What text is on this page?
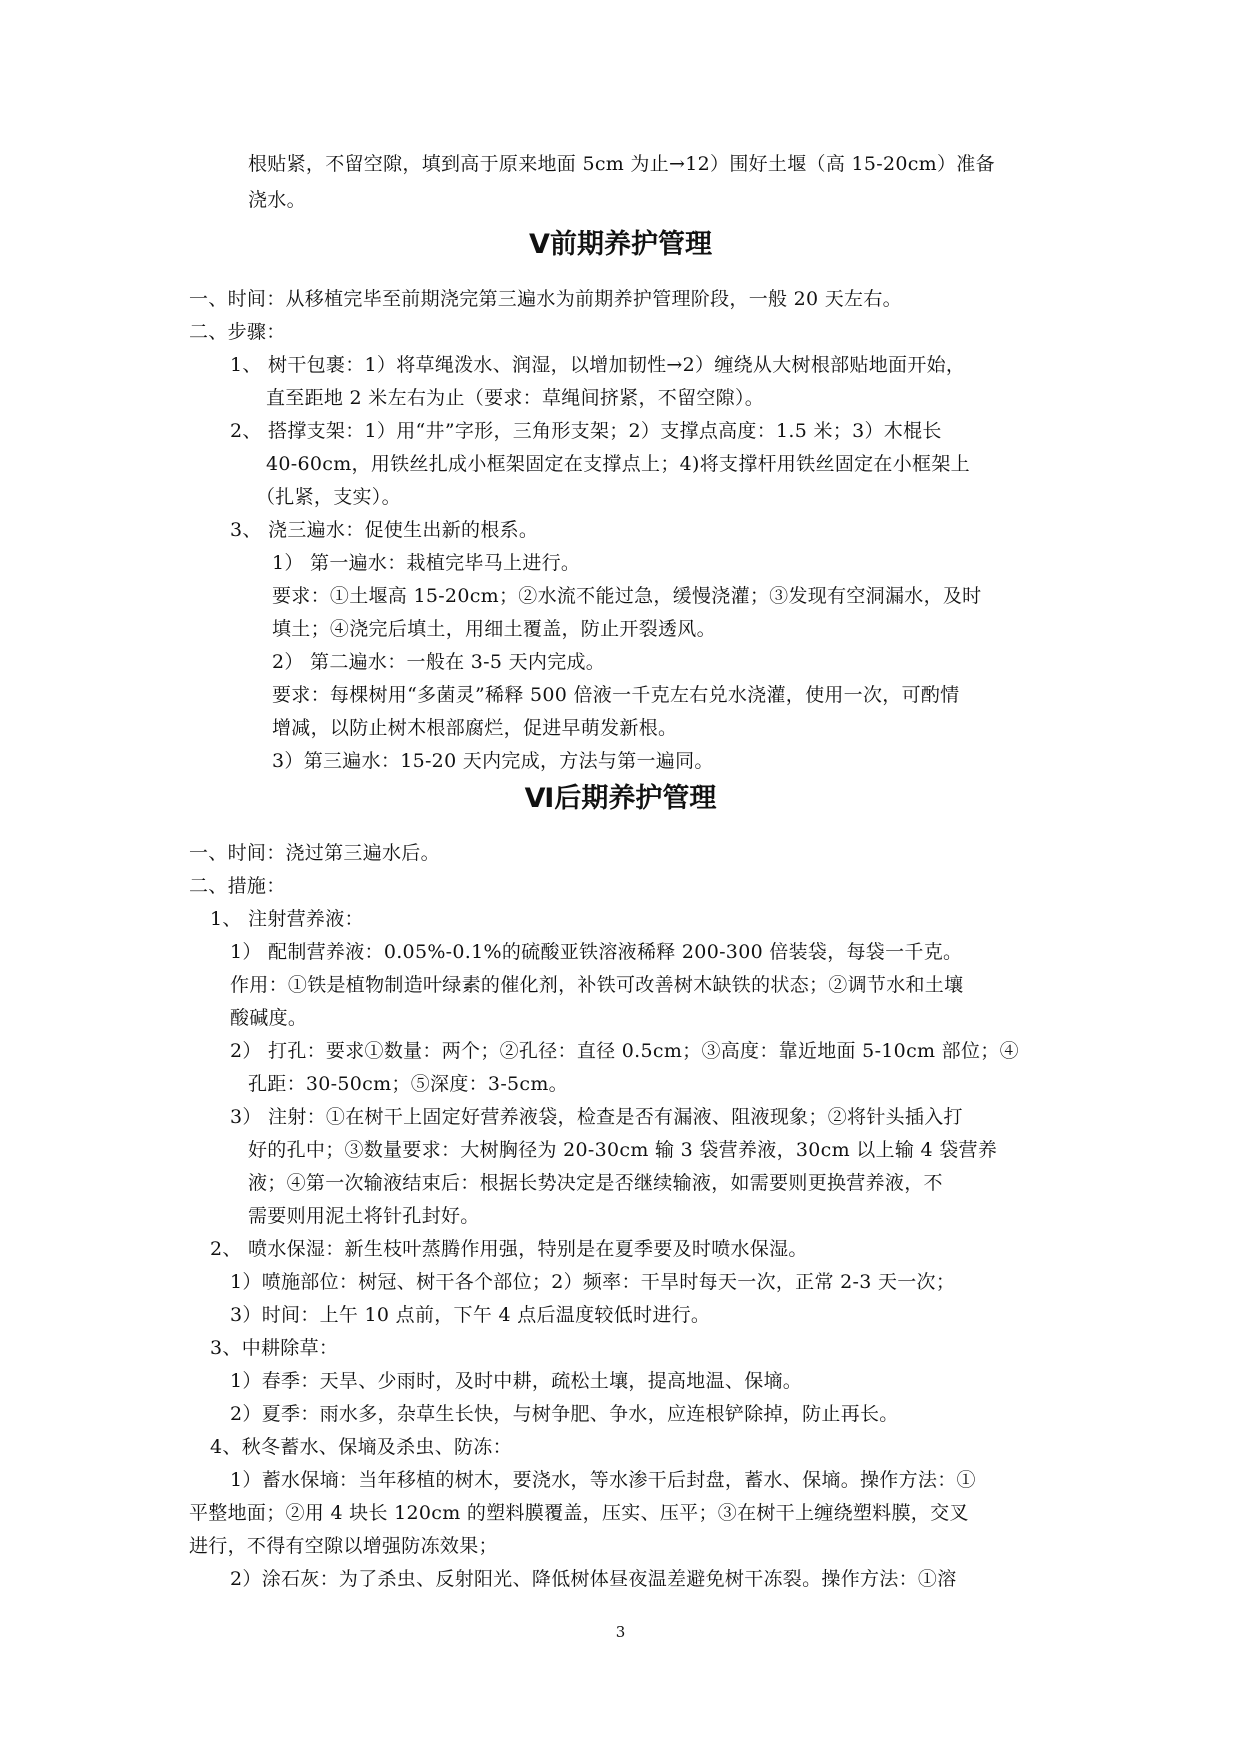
根贴紧，不留空隙，填到高于原来地面 5cm 为止→12）围好土堰（高 15-20cm）准备
浇水。
Ⅴ前期养护管理
一、时间：从移植完毕至前期浇完第三遍水为前期养护管理阶段，一般 20 天左右。
二、步骤：
1、 树干包裹：1）将草绳泼水、润湿，以增加韧性→2）缠绕从大树根部贴地面开始，
直至距地 2 米左右为止（要求：草绳间挤紧，不留空隙）。
2、 搭撑支架：1）用“井”字形，三角形支架；2）支撑点高度：1.5 米；3）木棍长
40-60cm，用铁丝扎成小框架固定在支撑点上；4)将支撑杆用铁丝固定在小框架上
（扎紧，支实）。
3、 浇三遍水：促使生出新的根系。
1） 第一遍水：栽植完毕马上进行。
要求：①土堰高 15-20cm；②水流不能过急，缓慢浇灌；③发现有空洞漏水，及时
填土；④浇完后填土，用细土覆盖，防止开裂透风。
2） 第二遍水：一般在 3-5 天内完成。
要求：每棵树用“多菌灵”稀释 500 倍液一千克左右兑水浇灌，使用一次，可酌情
增减，以防止树木根部腐烂，促进早萌发新根。
3）第三遍水：15-20 天内完成，方法与第一遍同。
Ⅵ后期养护管理
一、时间：浇过第三遍水后。
二、措施：
1、 注射营养液：
1） 配制营养液：0.05%-0.1%的硫酸亚铁溶液稀释 200-300 倍装袋，每袋一千克。
作用：①铁是植物制造叶绿素的催化剂，补铁可改善树木缺铁的状态；②调节水和土壤
酸碱度。
2） 打孔：要求①数量：两个；②孔径：直径 0.5cm；③高度：靠近地面 5-10cm 部位；④
孔距：30-50cm；⑤深度：3-5cm。
3） 注射：①在树干上固定好营养液袋，检查是否有漏液、阻液现象；②将针头插入打
好的孔中；③数量要求：大树胸径为 20-30cm 输 3 袋营养液，30cm 以上输 4 袋营养
液；④第一次输液结束后：根据长势决定是否继续输液，如需要则更换营养液，不
需要则用泥土将针孔封好。
2、 喷水保湿：新生枝叶蒸腾作用强，特别是在夏季要及时喷水保湿。
1）喷施部位：树冠、树干各个部位；2）频率：干旱时每天一次，正常 2-3 天一次；
3）时间：上午 10 点前，下午 4 点后温度较低时进行。
3、中耕除草：
1）春季：天旱、少雨时，及时中耕，疏松土壤，提高地温、保墒。
2）夏季：雨水多，杂草生长快，与树争肥、争水，应连根铲除掉，防止再长。
4、秋冬蓄水、保墒及杀虫、防冻：
1）蓄水保墒：当年移植的树木，要浇水，等水渗干后封盘，蓄水、保墒。操作方法：①
平整地面；②用 4 块长 120cm 的塑料膜覆盖，压实、压平；③在树干上缠绕塑料膜，交叉
进行，不得有空隙以增强防冻效果；
2）涂石灰：为了杀虫、反射阳光、降低树体昼夜温差避免树干冻裂。操作方法：①溶
3
